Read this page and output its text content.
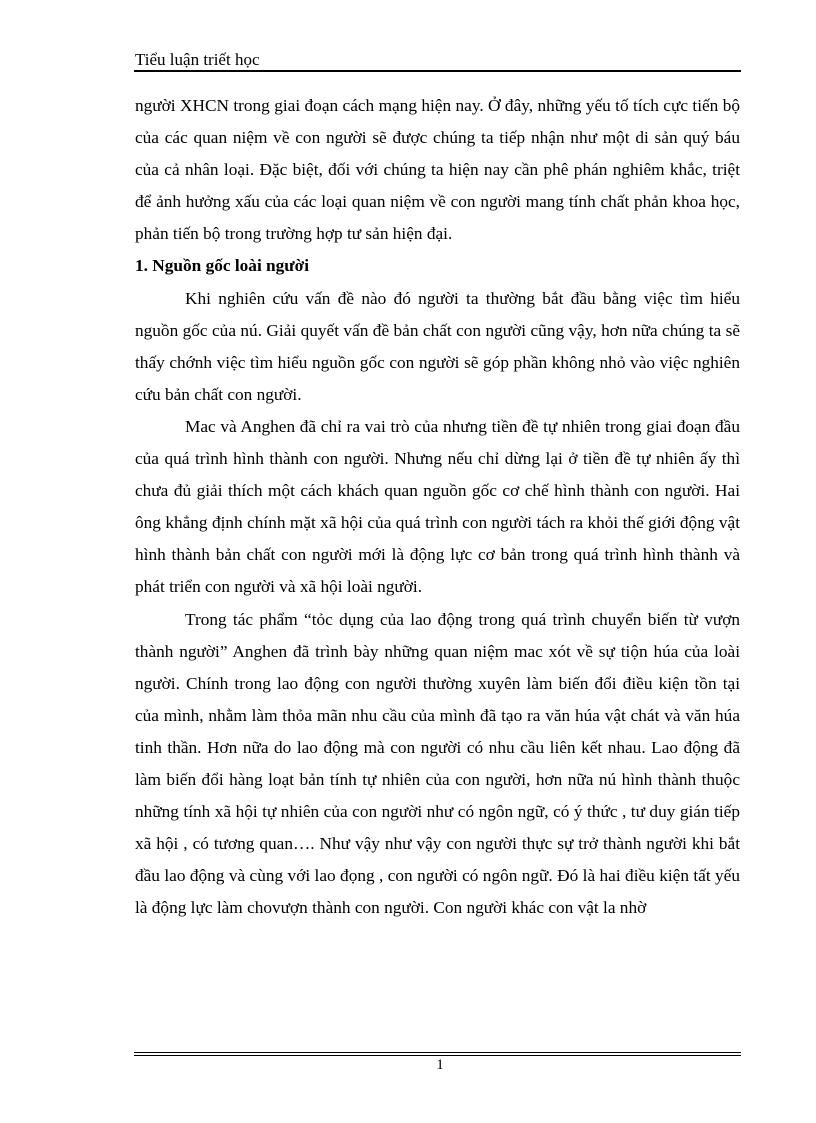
Tiểu luận triết học

người XHCN trong giai đoạn cách mạng hiện nay. Ở đây, những yếu tố tích cực tiến bộ của các quan niệm về con người sẽ được chúng ta tiếp nhận như một di sản quý báu của cả nhân loại. Đặc biệt, đối với chúng ta hiện nay cần phê phán nghiêm khắc, triệt để ảnh hưởng xấu của các loại quan niệm về con người mang tính chất phản khoa học, phản tiến bộ trong trường hợp tư sản hiện đại.

1. Nguồn gốc loài người

Khi nghiên cứu vấn đề nào đó người ta thường bắt đầu bằng việc tìm hiểu nguồn gốc của nú. Giải quyết vấn đề bản chất con người cũng vậy, hơn nữa chúng ta sẽ thấy chớnh việc tìm hiểu nguồn gốc con người sẽ góp phần không nhỏ vào việc nghiên cứu bản chất con người.

Mac và Anghen đã chỉ ra vai trò của nhưng tiền đề tự nhiên trong giai đoạn đầu của quá trình hình thành con người. Nhưng nếu chỉ dừng lại ở tiền đề tự nhiên ấy thì chưa đủ giải thích một cách khách quan nguồn gốc cơ chế hình thành con người. Hai ông khẳng định chính mặt xã hội của quá trình con người tách ra khỏi thế giới động vật hình thành bản chất con người mới là động lực cơ bản trong quá trình hình thành và phát triển con người và xã hội loài người.

Trong tác phẩm “tỏc dụng của lao động trong quá trình chuyển biến từ vượn thành người” Anghen đã trình bày những quan niệm mac xót về sự tiộn húa của loài người. Chính trong lao động con người thường xuyên làm biến đổi điều kiện tồn tại của mình, nhằm làm thỏa mãn nhu cầu của mình đã tạo ra văn húa vật chát và văn húa tinh thần. Hơn nữa do lao động mà con người có nhu cầu liên kết nhau. Lao động đã làm biến đổi hàng loạt bản tính tự nhiên của con người, hơn nữa nú hình thành thuộc những tính xã hội tự nhiên của con người như có ngôn ngữ, có ý thức , tư duy gián tiếp xã hội , có tương quan…. Như vậy như vậy con người thực sự trở thành người khi bắt đầu lao động và cùng với lao đọng , con người có ngôn ngữ. Đó là hai điều kiện tất yếu là động lực làm chovượn thành con người. Con người khác con vật la nhờ

1
